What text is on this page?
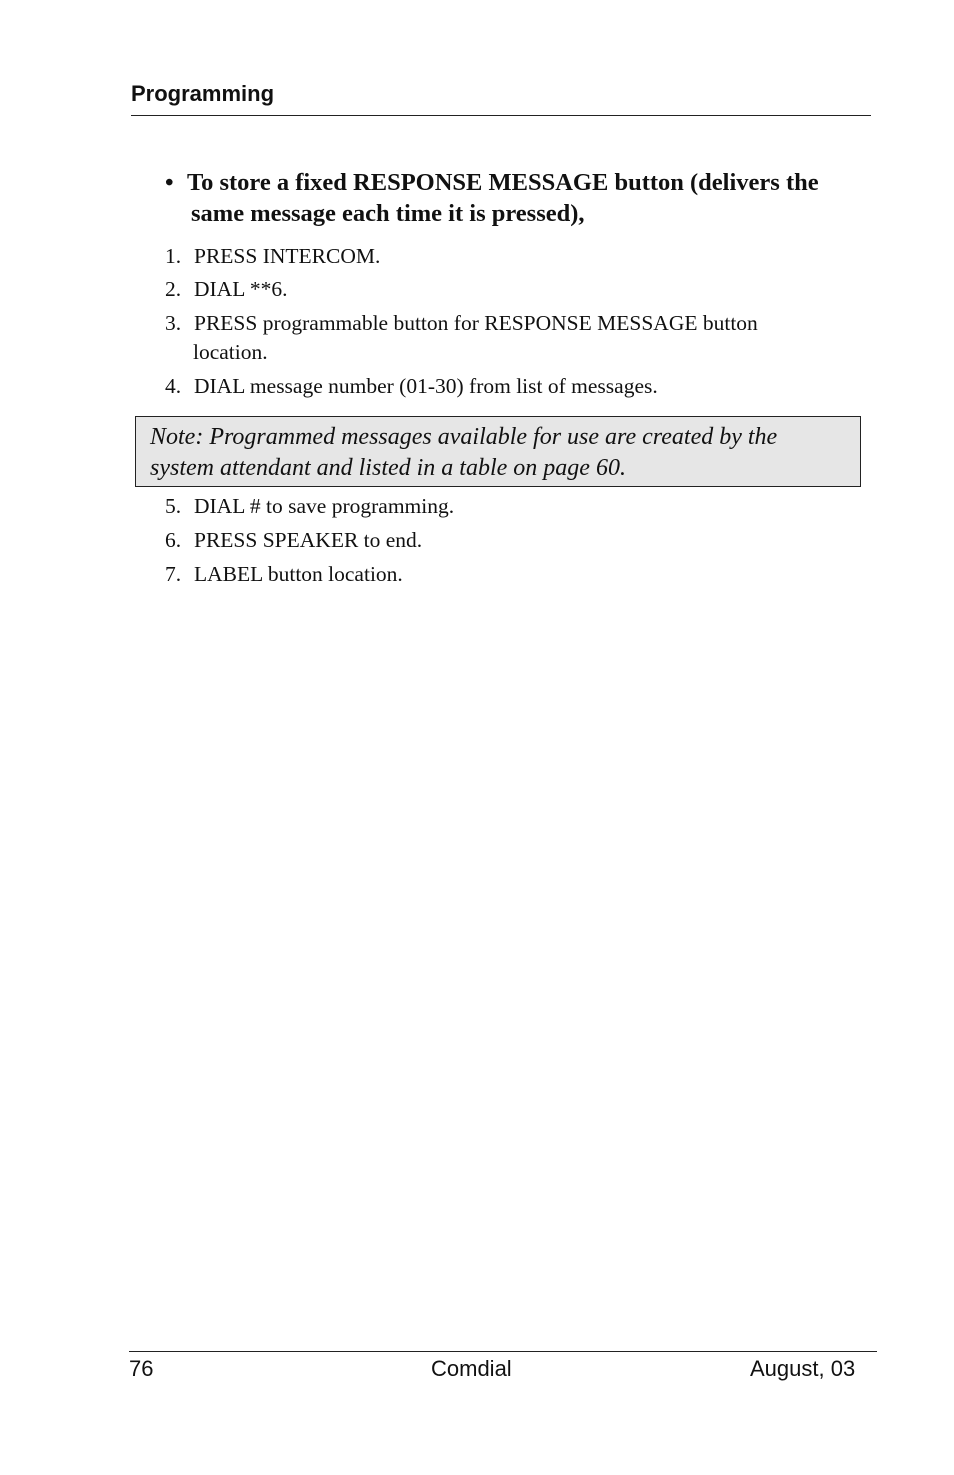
Programming
• To store a fixed RESPONSE MESSAGE button (delivers the
same message each time it is pressed),
1. PRESS INTERCOM.
2. DIAL **6.
3. PRESS programmable button for RESPONSE MESSAGE button
location.
4. DIAL message number (01-30) from list of messages.
Note: Programmed messages available for use are created by the
system attendant and listed in a table on page 60.
5. DIAL # to save programming.
6. PRESS SPEAKER to end.
7. LABEL button location.
76	Comdial	August, 03
